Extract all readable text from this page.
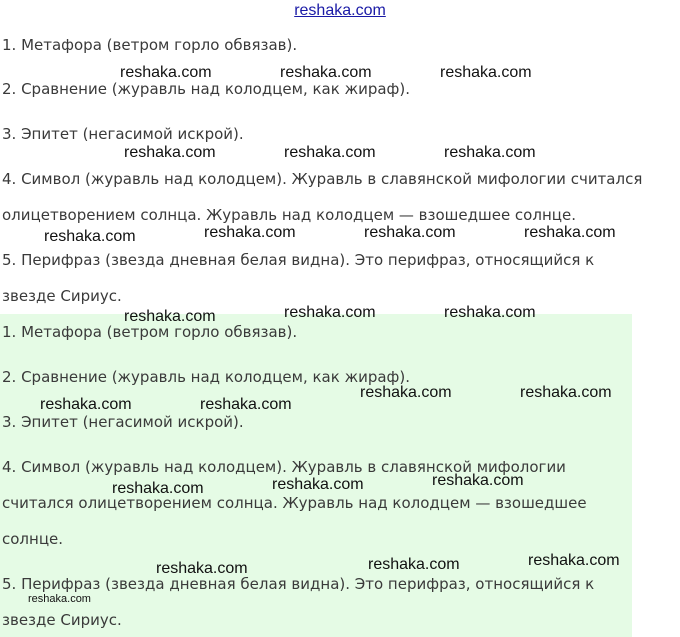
reshaka.com

1. Метафора (ветром горло обвязав).

2. Сравнение (журавль над колодцем, как жираф).

3. Эпитет (негасимой искрой).

4. Символ (журавль над колодцем). Журавль в славянской мифологии считался

олицетворением солнца. Журавль над колодцем — взошедшее солнце.

5. Перифраз (звезда дневная белая видна). Это перифраз, относящийся к

звезде Сириус.

1. Метафора (ветром горло обвязав).

2. Сравнение (журавль над колодцем, как жираф).

3. Эпитет (негасимой искрой).

4. Символ (журавль над колодцем). Журавль в славянской мифологии

считался олицетворением солнца. Журавль над колодцем — взошедшее

солнце.

5. Перифраз (звезда дневная белая видна). Это перифраз, относящийся к

звезде Сириус.

reshaka.com	reshaka.com	reshaka.com
reshaka.com	reshaka.com	reshaka.com
reshaka.com	reshaka.com	reshaka.com	reshaka.com
reshaka.com	reshaka.com	reshaka.com
reshaka.com	reshaka.com
reshaka.com	reshaka.com
reshaka.com
reshaka.com
reshaka.com
reshaka.com
reshaka.com	reshaka.com
reshaka.com
